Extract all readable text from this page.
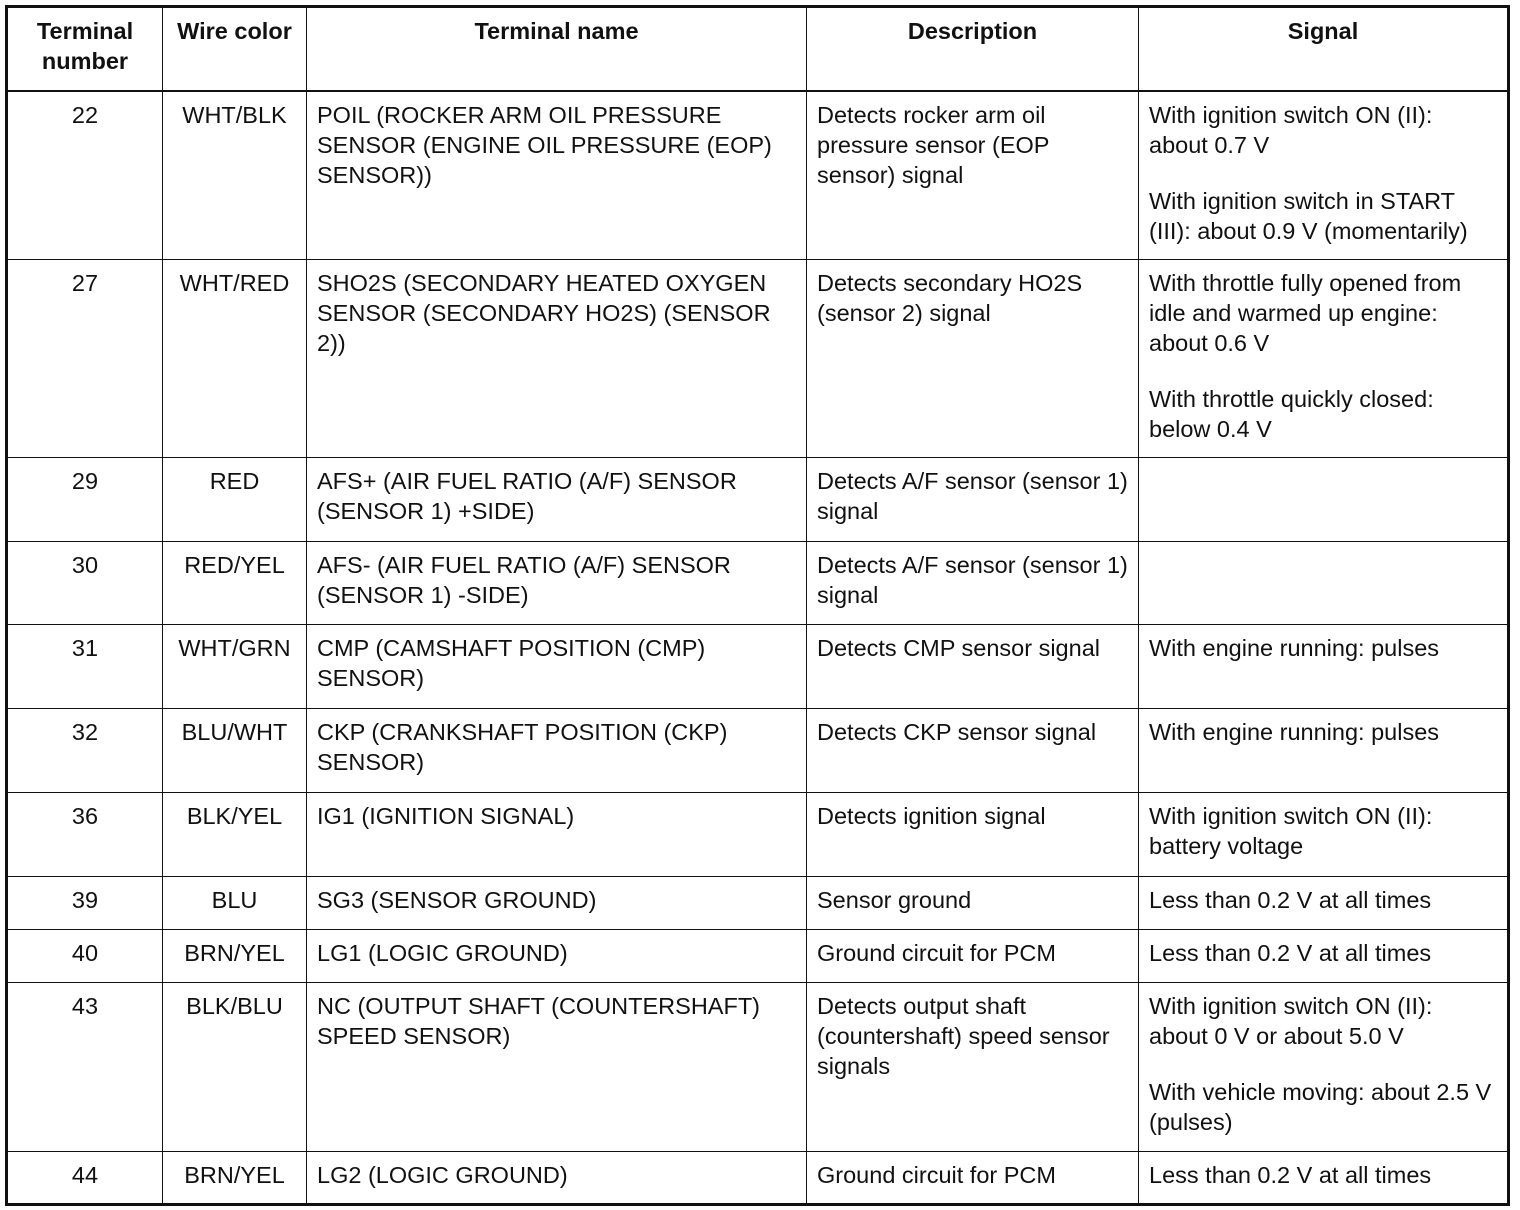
Terminal number	Wire color	Terminal name	Description	Signal
22	WHT/BLK	POIL (ROCKER ARM OIL PRESSURE SENSOR (ENGINE OIL PRESSURE (EOP) SENSOR))	Detects rocker arm oil pressure sensor (EOP sensor) signal	With ignition switch ON (II): about 0.7 V

With ignition switch in START (III): about 0.9 V (momentarily)

27	WHT/RED	SHO2S (SECONDARY HEATED OXYGEN SENSOR (SECONDARY HO2S) (SENSOR 2))	Detects secondary HO2S (sensor 2) signal	With throttle fully opened from idle and warmed up engine: about 0.6 V

With throttle quickly closed: below 0.4 V

29	RED	AFS+ (AIR FUEL RATIO (A/F) SENSOR (SENSOR 1) +SIDE)	Detects A/F sensor (sensor 1) signal	
30	RED/YEL	AFS- (AIR FUEL RATIO (A/F) SENSOR (SENSOR 1) -SIDE)	Detects A/F sensor (sensor 1) signal	
31	WHT/GRN	CMP (CAMSHAFT POSITION (CMP) SENSOR)	Detects CMP sensor signal	With engine running: pulses

32	BLU/WHT	CKP (CRANKSHAFT POSITION (CKP) SENSOR)	Detects CKP sensor signal	With engine running: pulses

36	BLK/YEL	IG1 (IGNITION SIGNAL)	Detects ignition signal	With ignition switch ON (II): battery voltage

39	BLU	SG3 (SENSOR GROUND)	Sensor ground	Less than 0.2 V at all times

40	BRN/YEL	LG1 (LOGIC GROUND)	Ground circuit for PCM	Less than 0.2 V at all times

43	BLK/BLU	NC (OUTPUT SHAFT (COUNTERSHAFT) SPEED SENSOR)	Detects output shaft (countershaft) speed sensor signals	With ignition switch ON (II): about 0 V or about 5.0 V

With vehicle moving: about 2.5 V (pulses)

44	BRN/YEL	LG2 (LOGIC GROUND)	Ground circuit for PCM	Less than 0.2 V at all times
